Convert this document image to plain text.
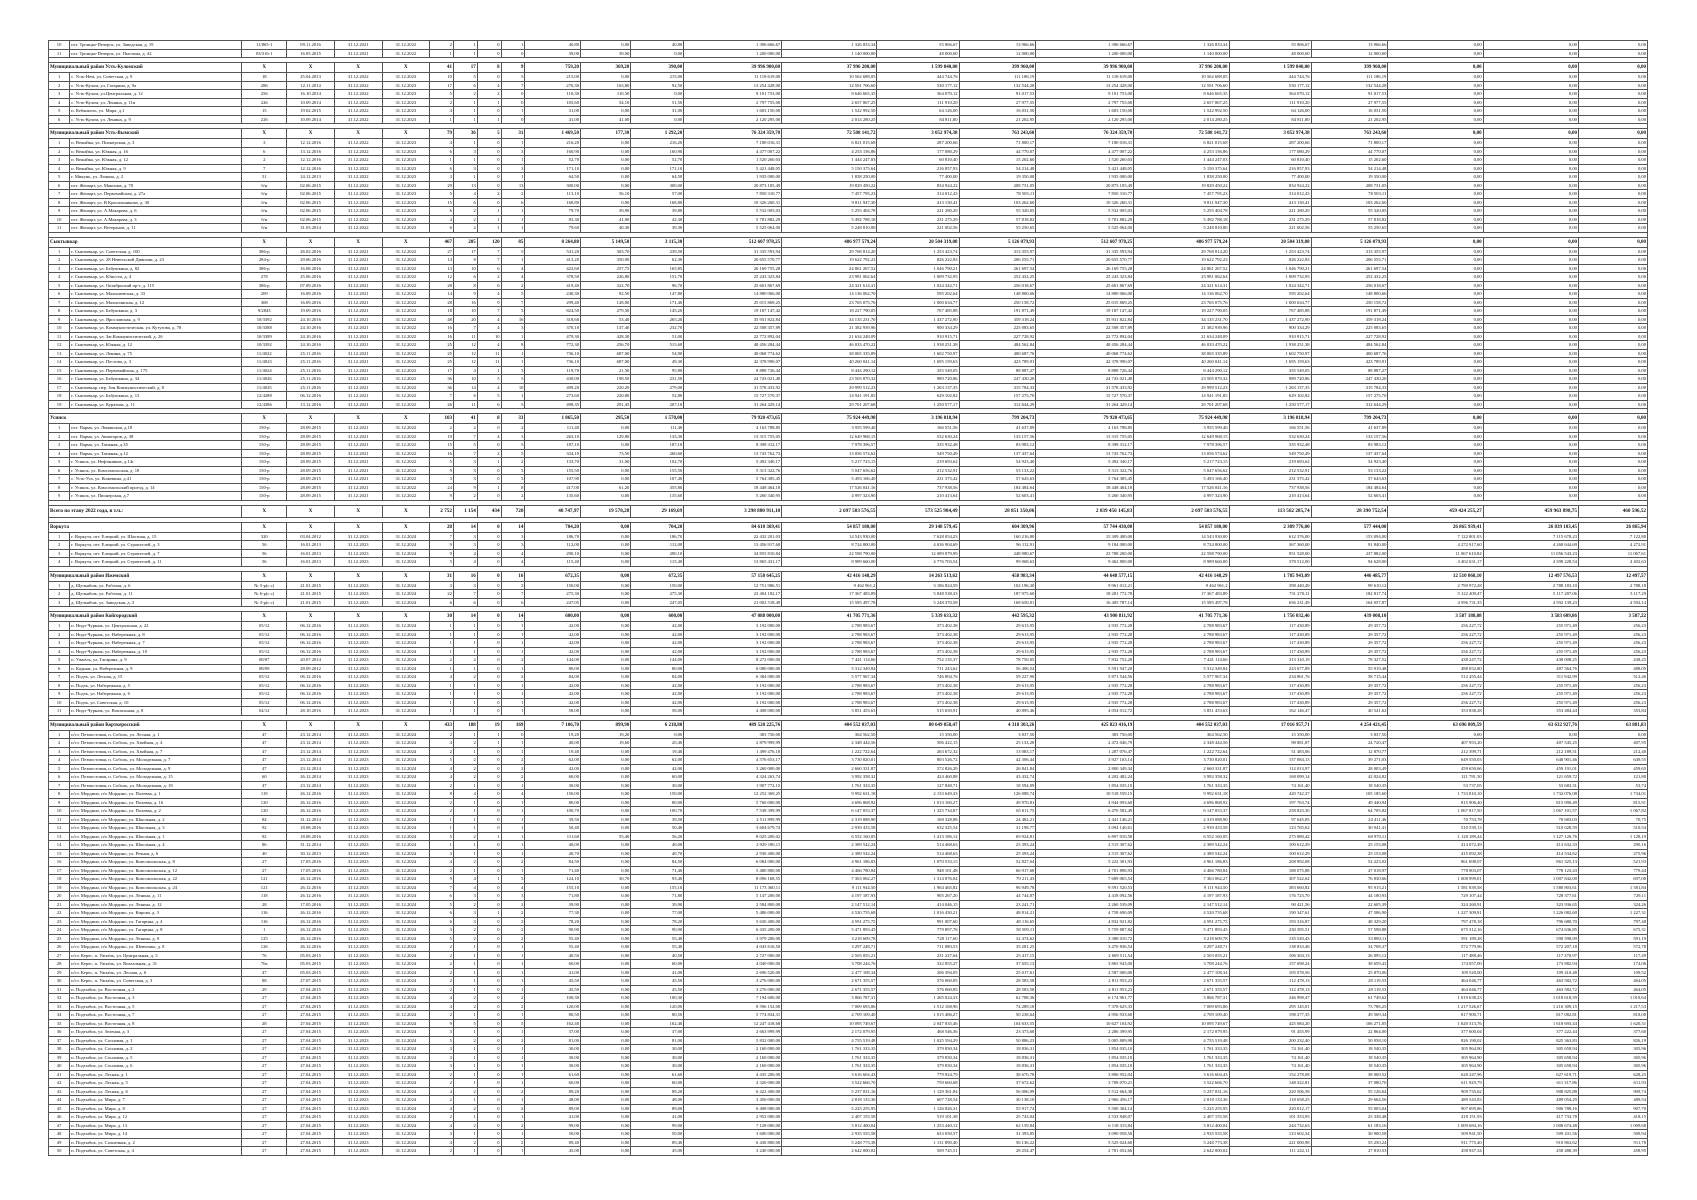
10	пгт. Троицко-Печерск, ул. Заводская, д. 19	11/865-1	09.11.2016	31.12.2021	31.12.2022	2	1	0	1	40,80	0,00	40,80	1 396 666,67	1 326 833,34	55 866,67	13 966,66	1 396 666,67	1 326 833,34	55 866,67	13 966,66	0,00	0,00	0,00
11	пгт. Троицко-Печерск, ул. Пыстина, д. 42	03/316-1	16.05.2015	31.12.2021	31.12.2022	1	1	0	0	39,00	39,00	0,00	1 200 000,00	1 140 000,00	48 000,00	12 000,00	1 200 000,00	1 140 000,00	48 000,00	12 000,00	0,00	0,00	0,00

Муниципальный район Усть-Куломский		X	X	X	X	41	17	8	9	759,20	369,20	390,00	39 996 900,00	37 996 200,00	1 599 840,00	399 960,00	39 996 900,00	37 996 200,00	1 599 840,00	399 960,00	0,00	0,00	0,00
1	с. Усть-Нем, ул. Советская, д. 9	18	25.04.2013	31.12.2022	31.12.2023	10	5	0	5	215,00	0,00	215,00	11 118 619,00	10 562 688,05	444 744,76	111 186,19	11 118 619,00	10 562 688,05	444 744,76	111 186,19	0,00	0,00	0,00
2	с. Усть-Кулом, ул. Гагарина, д. 9а	286	12.11.2014	31.12.2022	31.12.2023	17	6	4	7	276,30	163,80	92,50	13 254 428,00	12 591 706,60	530 177,12	132 544,28	13 254 428,00	12 591 706,60	530 177,12	132 544,28	0,00	0,00	0,00
3	с. Усть-Кулом, ул.Центральная, д. 12	256	16.10.2014	31.12.2022	31.12.2023	5	2	2	0	110,30	110,30	0,00	9 101 753,00	8 646 665,35	364 070,12	91 017,53	9 101 753,00	8 646 665,35	364 070,12	91 017,53	0,00	0,00	0,00
4	с. Усть-Кулом, ул. Ленина, д. 11в	226	10.09.2014	31.12.2022	31.12.2023	2	1	1	0	105,60	54,10	51,50	2 797 755,00	2 657 867,25	111 910,20	27 977,55	2 797 755,00	2 657 867,25	111 910,20	27 977,55	0,00	0,00	0,00
5	п. Кебанъель, ул. Мира, д.1	15	19.02.2015	31.12.2022	31.12.2023	4	1	0	1	31,00	0,00	31,00	1 603 150,00	1 522 992,50	64 126,00	16 031,50	1 603 150,00	1 522 992,50	64 126,00	16 031,50	0,00	0,00	0,00
6	с. Усть-Кулом, ул. Ленина, д. 9	226	10.09.2014	31.12.2022	31.12.2023	1	1	1	0	41,00	41,00	0,00	2 120 295,00	2 014 280,25	84 811,80	21 202,95	2 120 295,00	2 014 280,25	84 811,80	21 202,95	0,00	0,00	0,00

Муниципальный район Усть-Вымский		X	X	X	X	79	36	5	31	1 469,50	177,30	1 292,20	76 324 359,70	72 508 141,72	3 052 974,38	763 243,60	76 324 359,70	72 508 141,72	3 052 974,38	763 243,60	0,00	0,00	0,00
1	п. Вежайка, ул. Пионерская, д. 3	3	12.12.2016	31.12.2022	31.12.2023	4	1	0	1	216,20	0,00	216,20	7 180 016,31	6 821 015,68	287 200,66	71 800,17	7 180 016,31	6 821 015,68	287 200,66	71 800,17	0,00	0,00	0,00
2	п. Вежайка, ул. Южная, д. 16	6	13.12.2016	31.12.2022	31.12.2023	6	3	0	3	160,90	0,00	160,90	4 477 007,22	4 253 156,86	177 080,29	44 770,07	4 477 007,22	4 253 156,86	177 080,29	44 770,07	0,00	0,00	0,00
3	п. Вежайка, ул. Южная, д. 12	2	12.12.2016	31.12.2022	31.12.2023	1	1	0	1	52,70	0,00	52,70	1 520 260,03	1 444 247,03	60 810,40	15 202,60	1 520 260,03	1 444 247,03	60 810,40	15 202,60	0,00	0,00	0,00
4	п. Вежайка, ул. Южная, д. 9	7	12.12.2016	31.12.2022	31.12.2023	6	3	0	3	171,10	0,00	171,10	5 421 448,05	5 150 375,64	216 857,93	54 214,48	5 421 448,05	5 150 375,64	216 857,93	54 214,48	0,00	0,00	0,00
5	г. Микунь, ул. Ленина, д. 2	51	24.12.2013	31.12.2022	31.12.2023	3	1	0	1	64,50	0,00	64,50	1 935 000,00	1 838 250,00	77 400,00	19 350,00	1 935 000,00	1 838 250,00	77 400,00	19 350,00	0,00	0,00	0,00
6	пгт. Жешарт, ул. Максима, д. 78	б/н	02.06.2015	31.12.2022	31.12.2023	29	13	0	13	300,00	0,00	300,00	20 873 105,49	19 829 450,22	834 924,22	208 731,05	20 873 105,49	19 829 450,22	834 924,22	208 731,05	0,00	0,00	0,00
7	пгт. Жешарт, ул. Первомайская, д. 27а	б/н	02.06.2015	31.12.2022	31.12.2023	5	4	2	2	113,10	56,10	57,00	7 850 310,77	7 457 795,23	314 012,43	78 503,11	7 850 310,77	7 457 795,23	314 012,43	78 503,11	0,00	0,00	0,00
8	пгт. Жешарт, ул. В.Красильникова, д. 30	б/н	02.06.2015	31.12.2022	31.12.2023	15	6	0	6	168,80	0,00	168,80	10 326 260,31	9 811 947,30	413 130,41	103 262,60	10 326 260,31	9 811 947,30	413 130,41	103 262,60	0,00	0,00	0,00
9	пгт. Жешарт, ул. А.Макарова, д. 6	б/н	02.06.2015	31.12.2022	31.12.2023	6	2	1	1	79,70	39,90	39,80	5 532 005,03	5 255 404,78	221 280,20	55 320,05	5 532 005,03	5 255 404,78	221 280,20	55 320,05	0,00	0,00	0,00
10	пгт. Жешарт, ул. А.Макарова, д. 3	б/н	02.06.2015	31.12.2022	31.12.2023	4	2	1	1	83,30	41,00	42,30	5 781 882,29	5 492 788,18	231 275,29	57 818,82	5 781 882,29	5 492 788,18	231 275,29	57 818,82	0,00	0,00	0,00
11	пгт. Жешарт, ул. Ветеранов, д. 11	б/н	31.03.2014	31.12.2022	31.12.2023	6	2	1	1	79,60	40,30	39,30	5 525 064,00	5 248 810,80	221 002,56	55 250,65	5 525 064,00	5 248 810,80	221 002,56	55 250,65	0,00	0,00	0,00

Сыктывкар		X	X	X	X	467	205	120	85	8 264,88	5 149,58	3 115,30	512 607 978,25	486 977 579,24	20 504 319,08	5 126 079,93	512 607 978,25	486 977 579,24	20 504 319,08	5 126 079,93	0,00	0,00	0,00
1	г. Сыктывкар, ул. Советская, д. 100	386-р	26.02.2016	31.12.2021	31.12.2022	27	17	7	5	541,20	303,70	239,50	31 335 593,94	29 768 814,20	1 253 423,74	313 355,97	31 335 593,94	29 768 814,20	1 253 423,74	313 355,97	0,00	0,00	0,00
2	г. Сыктывкар, ул. 28 Невельской Дивизии, д. 23	284-р	29.06.2016	31.12.2021	31.12.2022	14	8	7	1	413,20	350,90	62,30	20 655 570,77	19 622 792,23	826 222,83	206 555,71	20 655 570,77	19 622 792,23	826 222,83	206 555,71	0,00	0,00	0,00
3	г. Сыктывкар, ул. Бабушкина, д. 82	386-р	16.08.2016	31.12.2021	31.12.2022	13	10	6	4	423,60	257,75	165,85	26 169 755,28	24 861 267,52	1 046 790,21	261 697,54	26 169 755,28	24 861 267,52	1 046 790,21	261 697,54	0,00	0,00	0,00
4	г. Сыктывкар, ул. Юности, д. 4	278	25.06.2016	31.12.2021	31.12.2022	12	6	2	4	378,50	226,80	151,70	25 243 323,84	23 981 062,64	1 009 732,95	252 432,25	25 243 323,84	23 981 062,64	1 009 732,95	252 432,25	0,00	0,00	0,00
5	г. Сыктывкар, ул. Октябрьский пр-т, д. 115	386-р	07.09.2016	31.12.2021	31.12.2022	28	8	6	2	419,40	322,70	96,70	25 601 867,69	24 321 614,31	1 024 342,71	256 018,67	25 601 867,69	24 321 614,31	1 024 342,71	256 018,67	0,00	0,00	0,00
6	г. Сыктывкар, ул. Малышевская, д. 33	209	16.09.2016	31.12.2021	31.12.2022	14	9	4	5	240,30	92,50	147,80	14 880 066,00	14 136 062,70	595 202,64	148 800,66	14 880 066,00	14 136 062,70	595 202,64	148 800,66	0,00	0,00	0,00
7	г. Сыктывкар, ул. Малыгинская, д. 12	308	16.09.2016	31.12.2021	31.12.2022	28	16	9	7	299,40	128,00	171,40	25 015 869,25	23 765 075,76	1 000 634,77	250 158,72	25 015 869,25	23 765 075,76	1 000 634,77	250 158,72	0,00	0,00	0,00
8	г. Сыктывкар, ул. Бабушкина, д. 3	9/2843	19.09.2016	31.12.2021	31.12.2022	18	10	7	3	824,50	279,30	145,20	19 187 147,42	18 227 790,05	767 485,88	191 871,49	19 187 147,42	18 227 790,05	767 485,88	191 871,49	0,00	0,00	0,00
9	г. Сыктывкар, ул. Ярославская, д. 9	10/3392	24.10.2016	31.12.2021	31.12.2022	48	20	4	16	318,60	53,40	265,20	35 931 822,84	34 135 231,70	1 437 272,90	359 318,24	35 931 822,84	34 135 231,70	1 437 272,90	359 318,24	0,00	0,00	0,00
10	г. Сыктывкар, ул. Коммунистическая, ул. Кутузова, д. 78	10/3388	24.10.2016	31.12.2021	31.12.2022	16	7	4	3	370,10	137,40	232,70	22 508 357,89	21 382 939,96	900 334,29	225 083,65	22 508 357,89	21 382 939,96	900 334,29	225 083,65	0,00	0,00	0,00
11	г. Сыктывкар, ул. Заг.Коммунистический, д. 26	10/3389	24.10.2016	31.12.2021	31.12.2022	16	11	10	1	479,30	428,30	51,00	22 772 892,04	21 634 248,09	910 915,71	227 728,92	22 772 892,04	21 634 248,09	910 915,71	227 728,92	0,00	0,00	0,00
12	г. Сыктывкар, ул. Южная, д. 12	10/3392	24.10.2016	31.12.2021	31.12.2022	25	12	4	8	772,30	256,70	515,60	48 456 284,44	46 033 470,22	1 938 251,38	484 562,84	48 456 284,44	46 033 470,22	1 938 251,38	484 562,84	0,00	0,00	0,00
13	г. Сыктывкар, ул. Ленина, д. 75	11/4022	25.11.2016	31.12.2021	31.12.2022	25	12	11	1	736,10	687,00	54,90	40 068 774,62	38 065 335,89	1 602 750,97	400 687,76	40 068 774,62	38 065 335,89	1 602 750,97	400 687,76	0,00	0,00	0,00
14	г. Сыктывкар, ул. Пестова, д. 3	11/4023	25.11.2016	31.12.2021	31.12.2022	25	12	11	1	736,10	687,00	49,30	42 378 990,07	40 260 041,14	1 695 159,63	423 789,91	42 378 990,07	40 260 041,14	1 695 159,63	423 789,91	0,00	0,00	0,00
15	г. Сыктывкар, ул. Первомайская, д. 175	11/4024	25.11.2016	31.12.2021	31.12.2022	17	4	1	3	119,70	21,30	95,80	8 888 726,44	8 444 290,12	355 549,05	88 887,27	8 888 726,44	8 444 290,12	355 549,05	88 887,27	0,00	0,00	0,00
16	г. Сыктывкар, ул. Бабушкина, д. 34	11/4026	25.11.2016	31.12.2021	31.12.2022	36	10	5	5	430,00	198,50	231,50	24 743 021,40	23 505 870,32	989 720,86	247 430,20	24 743 021,40	23 505 870,32	989 720,86	247 430,20	0,00	0,00	0,00
17	г. Сыктывкар, пер. Зон Коммунистический, д. 8	11/4025	25.11.2016	31.12.2021	31.12.2022	36	14	4	10	499,20	220,20	279,00	31 578 433,92	29 999 512,23	1 263 137,35	315 784,33	31 578 433,92	29 999 512,23	1 263 137,35	315 784,33	0,00	0,00	0,00
18	г. Сыктывкар, ул. Бабушкина, д. 13	12/4288	06.12.2016	31.12.2021	31.12.2022	7	6	5	1	273,60	220,80	52,80	15 727 570,37	14 941 191,85	629 102,82	157 275,70	15 727 570,37	14 941 191,85	629 102,82	157 275,70	0,00	0,00	0,00
19	г. Сыктывкар, ул. Куратова, д. 11	12/4386	13.12.2016	31.12.2021	31.12.2022	26	11	6	5	498,35	291,45	207,10	31 264 429,14	29 701 207,68	1 250 577,17	312 644,29	31 264 429,14	29 701 207,68	1 250 577,17	312 644,29	0,00	0,00	0,00

Усинск		X	X	X	X	103	41	8	33	1 865,50	295,50	1 570,00	79 920 473,65	75 924 449,98	3 196 818,94	799 204,73	79 920 473,65	75 924 449,98	3 196 818,94	799 204,73	0,00	0,00	0,00
1	пгт. Парма, ул. Ленинская, д.18	150-р	28.09.2015	31.12.2021	31.12.2022	2	2	0	2	111,40	0,00	111,40	4 163 788,85	3 955 599,40	166 551,56	41 637,89	4 163 788,85	3 955 599,40	166 551,56	41 637,89	0,00	0,00	0,00
2	пгт. Парма, ул. Авиаторов, д. 38	150-р	28.09.2015	31.12.2021	31.12.2022	19	7	4	3	263,10	129,80	133,30	13 315 755,05	12 649 968,15	532 630,24	133 157,56	13 315 755,05	12 649 968,15	532 630,24	133 157,56	0,00	0,00	0,00
3	пгт. Парма, ул. Таежная, д.35	150-р	28.09.2015	31.12.2021	31.12.2022	15	5	0	5	187,10	0,00	187,10	8 398 312,17	7 978 396,57	335 932,48	83 983,12	8 398 312,17	7 978 396,57	335 932,48	83 983,12	0,00	0,00	0,00
4	пгт. Парма, ул. Таежная, д.12	150-р	28.09.2015	31.12.2021	31.12.2022	16	7	2	5	334,10	73,50	260,60	13 743 762,73	13 056 574,62	549 750,49	137 437,64	13 743 762,73	13 056 574,62	549 750,49	137 437,64	0,00	0,00	0,00
5	г. Усинск, ул. Нефтяников, д.14г	150-р	28.09.2015	31.12.2021	31.12.2022	5	3	1	2	133,70	31,00	102,70	5 492 340,17	5 217 723,15	219 693,62	54 923,40	5 492 340,17	5 217 723,15	219 693,62	54 923,40	0,00	0,00	0,00
6	г. Усинск, ул. Комсомольская, д. 18	150-р	28.09.2015	31.12.2021	31.12.2022	9	3	0	3	155,50	0,00	155,50	5 313 322,76	5 047 656,62	212 532,91	53 133,22	5 313 322,76	5 047 656,62	212 532,91	53 133,22	0,00	0,00	0,00
7	с. Усть-Уса, ул. Кожевина, д.41	150-р	28.09.2015	31.12.2021	31.12.2022	3	3	0	3	107,90	0,00	107,40	5 764 385,45	5 493 166,40	231 375,42	57 643,63	5 764 385,45	5 493 166,40	231 375,42	57 643,63	0,00	0,00	0,00
8	г. Усинск, ул. Комсомольский проезд, д. 14	150-р	28.09.2015	31.12.2021	31.12.2022	24	9	1	8	417,00	61,20	355,80	18 448 464,18	17 526 041,16	737 938,56	184 484,64	18 448 464,18	17 526 041,16	737 938,56	184 484,64	0,00	0,00	0,00
9	г. Усинск, ул. Пионерская, д.7	150-р	28.09.2015	31.12.2021	31.12.2022	9	2	0	2	135,60	0,00	135,60	5 260 340,95	4 997 323,90	210 413,64	52 603,41	5 260 340,95	4 997 323,90	210 413,64	52 603,41	0,00	0,00	0,00

Всего по этапу 2022 года, в т.ч.:		X	X	X	X	2 752	1 154	434	720	48 747,97	19 578,28	29 169,69	3 298 880 911,10	2 697 503 576,55	573 525 984,49	28 851 350,06	2 839 456 145,83	2 697 503 576,55	113 562 285,74	28 390 752,54	459 424 255,27	459 963 898,75	460 596,52

Воркута		X	X	X	X	28	14	0	14	704,20	0,00	704,20	84 610 369,41	54 857 180,00	29 148 579,45	604 309,96	57 744 430,00	54 857 180,00	2 309 776,00	577 444,00	26 865 939,41	26 839 103,45	26 865,94
1	г. Воркута, пгт. Елецкий, ул. Шахтная, д. 15	320	03.04.2012	31.12.2023	31.12.2024	7	3	0	3	186,70	0,00	186,70	22 432 201,03	14 543 930,00	7 628 054,23	160 216,80	15 309 400,00	14 543 930,00	612 376,00	153 094,00	7 122 801,03	7 115 678,23	7 122,80
2	г. Воркута, пгт. Елецкий, ул. Строителей, д. 3	56	16.01.2013	31.12.2023	31.12.2024	9	3	0	3	112,00	0,00	112,00	13 456 917,60	8 724 800,00	4 636 904,69	96 112,91	9 184 000,00	8 724 800,00	367 360,00	91 840,00	4 272 917,60	4 268 644,69	4 272,91
3	г. Воркута, пгт. Елецкий, ул. Строителей, д. 7	56	16.01.2013	31.12.2023	31.12.2024	9	4	0	4	290,10	0,00	290,10	34 855 810,84	22 598 790,00	12 089 079,99	248 980,67	23 788 200,00	22 598 790,00	951 528,00	237 882,00	11 067 610,84	11 056 543,23	11 067,61
4	г. Воркута, пгт. Елецкий, ул. Строителей, д. 11	56	16.01.2013	31.12.2023	31.12.2024	5	4	0	4	115,40	0,00	115,40	13 865 431,17	8 989 660,00	4 776 703,54	99 068,63	9 462 800,00	8 989 660,00	378 512,00	94 628,00	4 402 631,17	4 398 228,54	4 402,63

Муниципальный район Ижемский		X	X	X	X	31	16	0	16	672,35	0,00	672,35	57 158 645,25	42 416 148,29	14 263 513,62	458 983,34	44 648 577,15	42 416 148,29	1 785 943,09	446 485,77	12 510 068,10	12 497 576,53	12 497,57
1	д. Щельябож, ул. Рабочая, д. 6	№ 5-р(с.с)	21.01.2015	31.12.2023	31.12.2024	3	3	0	3	150,00	0,00	150,00	12 751 986,51	9 462 961,2	3 186 824,59	102 196,30	9 961 012,21	9 462 961,2	398 440,49	99 610,12	2 790 972,28	2 788 183,10	2 788,18
2	д. Щельябож, ул. Рабочая, д. 11	№ 6-р(с.с)	21.01.2015	31.12.2023	31.12.2024	22	7	0	7	275,30	0,00	275,30	23 404 182,17	17 367 483,89	5 848 538,33	187 975,60	18 281 772,78	17 367 483,89	731 270,11	182 817,74	5 122 409,47	5 117 287,06	5 117,29
3	д. Щельябож, ул. Заводская, д. 3	№ 3-р(с.с)	21.01.2015	31.12.2023	31.12.2024	6	6	0	6	247,05	0,00	247,05	21 002 518,49	15 585 497,78	5 248 370,58	168 650,01	16 405 787,14	15 585 497,78	656 231,49	164 057,87	4 596 731,35	4 592 139,23	4 592,14

Муниципальный район Койгородский		X	X	X	X	30	14	0	14	600,00	0,00	600,00	47 088 000,00	41 705 771,36	5 339 633,32	442 595,32	43 900 811,92	41 705 771,36	1 756 032,46	439 008,10	3 587 188,08	3 583 609,86	3 587,22
1	п. Нидз-Чурнаж, ул. Центральная, д. 22	05/12	06.12.2016	31.12.2023	31.12.2024	1	1	0	1	42,00	0,00	42,00	3 192 000,00	2 788 983,67	373 402,38	29 613,95	2 935 772,28	2 788 983,67	117 430,89	29 357,72	256 227,72	255 971,49	256,23
2	п. Нидз-Чурнаж, ул. Набережная, д. 8	05/12	06.12.2016	31.12.2023	31.12.2024	1	1	0	1	42,00	0,00	42,00	3 192 000,00	2 788 983,67	373 402,38	29 613,95	2 935 772,28	2 788 983,67	117 430,89	29 357,72	256 227,72	255 971,49	256,23
3	п. Нидз-Чурнаж, ул. Набережная, д. 7	05/12	06.12.2016	31.12.2023	31.12.2024	1	1	0	1	42,00	0,00	42,00	3 192 000,00	2 788 983,67	373 402,38	29 613,95	2 935 772,28	2 788 983,67	117 430,89	29 357,72	256 227,72	255 971,49	256,23
4	п. Нидз-Чурнаж, ул. Набережная, д. 10	05/12	06.12.2016	31.12.2023	31.12.2024	1	1	0	1	42,00	0,00	42,00	3 192 000,00	2 788 983,67	373 402,38	29 613,95	2 935 772,28	2 788 983,67	117 430,89	29 357,72	256 227,72	255 971,49	256,23
5	п. Ужъёль, ул. Гагарина, д. 9	08/07	20.07.2014	31.12.2023	31.12.2024	2	2	0	2	144,00	0,00	144,00	8 272 000,00	7 441 114,66	752 135,37	78 750,05	7 832 752,28	7 441 114,66	313 310,19	78 327,52	438 247,72	438 008,25	438,25
6	п. Кадьям, ул. Набережная, д. 9	08/09	28.09.2012	31.12.2023	31.12.2024	1	1	0	1	80,00	0,00	80,00	6 080 000,00	5 312 349,84	711 243,62	56 406,54	5 591 947,20	5 312 349,84	223 677,89	55 919,48	488 052,80	487 564,76	488,05
7	п. Подзъ, ул. Лесная, д. 15	05/12	06.12.2016	31.12.2023	31.12.2024	4	2	0	2	84,00	0,00	84,00	6 384 000,00	5 577 967,34	746 804,76	59 227,90	5 871 544,56	5 577 967,34	234 861,76	58 715,44	512 455,44	511 942,99	512,46
8	п. Подзъ, ул. Набережная, д. 5	05/12	06.12.2016	31.12.2023	31.12.2024	1	1	0	1	42,00	0,00	42,00	3 192 000,00	2 788 983,67	373 402,38	29 613,95	2 935 772,28	2 788 983,67	117 430,89	29 357,72	256 227,72	255 971,49	256,23
9	п. Подзъ, ул. Набережная, д. 6	05/12	06.12.2016	31.12.2023	31.12.2024	1	1	0	1	42,00	0,00	42,00	3 192 000,00	2 788 983,67	373 402,38	29 613,95	2 935 772,28	2 788 983,67	117 430,89	29 357,72	256 227,72	255 971,49	256,23
10	п. Подзъ, ул. Советская, д. 10	05/12	06.12.2016	31.12.2023	31.12.2024	1	1	0	1	42,00	0,00	42,00	3 192 000,00	2 788 983,67	373 402,38	29 613,95	2 935 772,28	2 788 983,67	117 430,89	29 357,72	256 227,72	255 971,49	256,23
11	п. Нидз-Чурнаж, ул. Вокзальная, д. 8	04/12	28.10.2016	31.12.2023	31.12.2024	1	1	0	1	58,00	0,00	58,00	4 408 000,00	3 851 453,63	515 650,91	40 895,46	4 054 012,72	3 851 453,63	162 146,47	40 541,62	353 838,28	353 484,44	353,84

Муниципальный район Корткеросский		X	X	X	X	433	188	19	169	7 106,70	899,90	6 218,80	489 520 225,76	404 552 037,03	80 649 858,47	4 318 303,26	425 823 416,19	404 552 037,03	17 016 957,71	4 254 421,45	63 696 809,59	63 632 927,76	63 881,83
1	п/ст. Пезмостовая, п. Соболь, ул. Лесная, д. 1	47	23.12.2014	31.12.2023	31.12.2024	2	1	1	0	19,20	19,20	0,00	383 750,00	364 562,50	15 350,00	3 837,50	383 750,00	364 562,50	15 350,00	3 837,50	0,00	0,00	0,00
2	п/ст. Пезмостовая, п. Соболь, ул. Хвойная, д. 4	47	23.12.2014	31.12.2023	31.12.2024	4	2	1	1	40,00	19,60	20,40	2 879 999,99	2 348 444,56	506 422,15	25 133,28	2 472 046,79	2 348 444,56	98 881,87	24 720,47	407 953,20	407 545,25	407,95
3	п/ст. Пезмостовая, п. Соболь, ул. Хвойная, д. 7	47	23.12.2014	31.12.2023	31.12.2024	2	1	0	1	19,40	0,00	19,40	1 499 476,18	1 222 722,64	263 672,32	13 083,17	1 287 076,47	1 222 722,64	51 483,06	12 870,77	212 399,71	212 189,51	212,40
4	п/ст. Пезмостовая, п. Соболь, ул. Молодежная, д. 7	47	23.12.2014	31.12.2023	31.12.2024	5	2	0	2	62,00	0,00	62,00	4 576 653,17	3 730 820,01	803 526,72	42 306,44	3 927 103,14	3 730 820,01	157 084,13	39 271,03	649 550,03	648 901,46	649,55
5	п/ст. Пезмостовая, п. Соболь, ул. Молодежная, д. 9	47	23.12.2014	31.12.2023	31.12.2024	4	2	0	2	42,00	0,00	42,00	3 260 000,00	2 660 331,87	572 826,29	26 841,84	2 800 349,34	2 660 331,87	112 013,97	28 003,49	459 650,66	459 191,01	459,65
6	п/ст. Пезмостовая, п. Соболь, ул. Молодежная, д. 15	60	26.12.2014	31.12.2023	31.12.2024	4	2	0	2	60,00	0,00	60,00	4 324 263,74	3 992 358,32	424 460,88	43 432,74	4 202 482,24	3 992 358,32	168 099,14	42 024,82	121 781,50	121 659,72	121,80
7	п/ст. Пезмостовая, п. Соболь, ул. Молодежная, д. 18	47	23.12.2014	31.12.2023	31.12.2024	2	1	0	1	30,00	0,00	30,00	1 907 772,15	1 761 333,35	127 848,71	18 594,09	1 854 035,10	1 761 333,35	74 161,40	18 540,35	53 737,05	53 683,31	53,74
8	п/ст. Мордино, п/о Мордино, ул. Полевая, д. 1	119	26.12.2016	31.12.2023	31.12.2024	8	4	0	4	150,00	0,00	150,00	12 252 369,25	9 992 631,18	2 133 649,33	126 088,74	10 518 559,15	9 992 631,18	420 742,37	105 185,60	1 733 810,10	1 732 076,08	1 734,01
9	п/ст. Мордино, п/о Мордино, ул. Полевая, д. 16	120	26.12.2016	31.12.2023	31.12.2024	2	1	0	1	80,00	0,00	80,00	5 760 000,00	4 696 868,92	1 013 160,27	49 970,81	4 944 093,60	4 696 868,92	197 763,74	49 440,94	815 906,40	815 090,49	815,91
10	п/ст. Мордино, п/о Мордино, ул. Полевая, д. 2	120	26.12.2016	31.12.2023	31.12.2024	2	1	0	1	100,70	0,00	100,70	7 538 399,99	6 147 053,37	1 325 734,87	65 611,75	6 470 582,49	6 147 053,37	258 823,30	64 705,82	1 067 817,50	1 067 101,57	1 067,82
11	п/ст. Мордино, п/о Мордино, ул. Школьная, д. 2	84	31.12.2014	31.12.2023	31.12.2024	1	1	0	1	39,50	0,00	39,50	2 511 899,99	2 319 088,90	168 328,88	24 482,21	2 441 146,21	2 319 088,90	97 645,85	24 411,46	70 753,78	70 683,03	70,75
12	п/ст. Мордино, п/о Мордино, ул. Школьная, д. 3	92	18.08.2016	31.12.2023	31.12.2024	1	1	0	1	50,40	0,00	50,40	3 604 679,74	2 939 433,58	632 325,54	31 198,77	3 094 140,61	2 939 433,58	123 765,62	30 941,41	510 539,13	510 028,59	510,54
13	п/ст. Мордино, п/о Мордино, ул. Школьная, д. 1	92	18.08.2016	31.12.2023	31.12.2024	5	2	1	1	111,60	55,40	56,20	8 025 200,02	6 552 160,05	1 413 186,12	69 924,81	6 897 010,58	6 552 160,05	275 880,42	68 970,11	1 128 189,44	1 127 126,76	1 128,19
14	п/ст. Мордино, п/о Мордино, ул. Школьная, д. 4	86	31.12.2014	31.12.2023	31.12.2024	1	1	0	1	40,00	0,00	40,00	2 929 180,11	2 389 542,24	514 468,63	25 393,24	2 515 307,62	2 389 542,24	100 612,29	25 153,08	414 072,49	413 632,33	290,16
15	п/ст. Мордино, п/о Мордино, ул. Речная, д. 6	40	30.12.2013	31.12.2023	31.12.2024	3	1	0	1	40,70	0,00	40,70	2 930 400,00	2 389 542,24	514 468,63	25 393,24	2 515 307,62	2 389 542,24	100 612,29	25 153,08	415 092,38	414 534,62	275,96
16	п/ст. Мордино, п/о Мордино, ул. Комсомольская, д. 8	27	17.05.2016	31.12.2023	31.12.2024	4	2	0	2	84,50	0,00	84,50	6 084 000,00	4 961 186,83	1 070 533,15	52 827,64	5 222 301,93	4 961 186,83	208 892,08	52 223,02	861 698,07	861 325,13	521,93
17	п/ст. Мордино, п/о Мордино, ул. Комсомольская, д. 12	27	17.05.2016	31.12.2023	31.12.2024	2	1	0	1	71,40	0,00	71,40	5 480 800,00	4 466 780,84	948 101,48	66 917,68	4 701 896,93	4 466 780,84	188 075,88	47 018,97	778 903,07	778 123,43	779,44
18	п/ст. Мордино, п/о Мордино, ул. Комсомольская, д. 22	121	26.12.2016	31.12.2023	31.12.2024	9	4	1	3	124,10	30,70	93,40	8 096 168,55	7 363 062,27	1 314 876,04	79 211,43	7 689 065,54	7 363 062,27	307 522,62	76 830,66	1 008 999,01	1 007 842,00	697,00
19	п/ст. Мордино, п/о Мордино, ул. Комсомольская, д. 24	121	26.12.2016	31.12.2023	31.12.2024	7	4	0	4	155,10	0,00	155,10	11 173 360,11	9 111 944,50	1 964 465,82	96 949,78	9 591 520,53	9 111 944,50	383 660,82	95 915,21	1 581 839,58	1 580 803,61	1 581,84
20	п/ст. Мордино, п/о Мордино, ул. Ленина, д. 11	118	26.12.2016	31.12.2023	31.12.2024	6	3	0	3	71,80	0,00	71,80	5 147 200,00	4 197 187,93	905 267,20	44 744,87	4 418 092,56	4 197 187,93	176 723,70	44 180,93	729 107,44	728 377,61	729,11
21	п/ст. Мордино, п/о Мордино, ул. Ленина, д. 12	28	17.05.2016	31.12.2023	31.12.2024	5	2	0	2	39,90	0,00	39,90	2 584 800,00	2 147 512,14	414 046,15	23 241,71	2 260 539,09	2 147 512,14	90 421,56	22 605,39	324 260,91	323 936,65	324,26
22	п/ст. Мордино, п/о Мордино, ул. Кирова, д. 3	116	26.12.2016	31.12.2023	31.12.2024	6	3	1	2	77,30	0,00	77,00	5 486 000,00	4 520 755,68	1 016 430,21	48 814,21	4 758 690,09	4 520 755,68	190 347,61	47 586,90	1 227 309,91	1 226 082,60	1 227,31
23	п/ст. Мордино, п/о Мордино, ул. Гагарина, д. 4	116	26.12.2016	31.12.2023	31.12.2024	6	3	0	3	78,20	0,00	78,20	5 630 400,00	4 591 275,75	991 007,60	48 116,65	4 832 921,82	4 591 275,75	193 316,87	48 329,20	797 478,18	796 680,70	797,48
24	п/ст. Мордино, п/о Мордино, ул. Гагарина, д. 8	1	26.12.2016	31.12.2023	31.12.2024	3	2	0	2	90,90	0,00	90,90	6 435 200,00	5 471 893,45	779 897,76	58 509,11	5 759 887,84	5 471 893,45	230 395,51	57 598,88	675 312,16	674 636,85	675,31
25	п/ст. Мордино, п/о Мордино, ул. Ленина, д. 8	125	26.12.2016	31.12.2023	31.12.2024	5	2	0	2	55,40	0,00	55,40	3 979 200,00	3 218 609,78	728 117,60	32 474,62	3 388 010,72	3 218 609,78	135 520,43	33 880,11	591 189,28	590 598,09	591,19
26	п/ст. Мордино, п/о Мордино, ул. Шевченко, д. 8	126	26.12.2016	31.12.2023	31.12.2024	2	1	0	1	55,40	0,00	55,40	4 043 616,50	3 297 248,71	711 080,53	35 281,25	3 470 836,54	3 297 248,71	138 833,46	34 708,37	572 779,96	572 207,18	572,78
27	п/ст. Керес, п. Ужъёль, ул. Центральная, д. 3	76	05.03.2015	31.12.2023	31.12.2024	2	1	0	1	40,50	0,00	40,50	2 727 000,00	2 503 055,21	231 227,64	25 417,15	2 609 511,54	2 503 055,21	106 304,13	26 095,12	117 488,46	117 370,97	117,49
28	п/ст. Керес, п. Ужъёль, ул. Вокзальная, д. 31	76a	05.03.2015	31.12.2023	31.12.2024	2	1	0	1	60,00	0,00	60,00	4 040 000,00	3 708 244,76	332 855,27	37 655,13	3 865 943,00	3 708 244,76	157 698,24	38 659,43	174 057,00	173 882,94	174,06
29	п/ст. Керес, п. Ужъёль, ул. Лесная, д. 6	47	05.03.2015	31.12.2023	31.12.2024	2	1	0	1	41,00	0,00	41,00	2 696 520,00	2 477 108,34	206 394,05	25 017,61	2 587 000,00	2 477 108,34	105 078,56	25 870,00	109 520,00	109 410,48	109,52
30	п/ст. Керес, п. Ужъёль, ул. Советская, д. 3	88	27.07.2015	31.12.2023	31.12.2024	2	1	0	1	45,50	0,00	45,50	3 276 000,00	2 671 355,57	576 060,85	28 583,58	2 811 953,23	2 671 355,57	112 478,13	28 119,53	464 046,77	463 582,72	464,05
31	п. Подтыбок, ул. Восточная, д. 2	29	27.04.2015	31.12.2023	31.12.2024	2	1	0	1	45,50	0,00	45,50	3 276 000,00	2 671 355,57	576 060,85	28 583,58	2 811 953,23	2 671 355,57	112 478,13	28 119,53	464 046,77	463 582,72	464,05
32	п. Подтыбок, ул. Восточная, д. 3	27	27.04.2015	31.12.2023	31.12.2024	4	2	0	2	100,30	0,00	100,30	7 194 600,00	5 866 787,31	1 265 024,33	62 788,36	6 174 961,77	5 866 787,31	246 998,47	61 749,62	1 019 638,23	1 018 618,59	1 019,64
33	п. Подтыбок, ул. Восточная, д. 5	27	27.04.2015	31.12.2023	31.12.2024	4	2	0	2	120,00	0,00	120,00	8 596 152,00	7 009 693,86	1 512 168,96	74 289,18	7 378 625,33	7 009 693,86	295 145,01	73 786,25	1 217 526,67	1 216 309,15	1 217,53
34	п. Подтыбок, ул. Восточная, д. 7	27	27.04.2015	31.12.2023	31.12.2024	2	1	0	1	80,50	0,00	80,50	5 774 834,31	4 709 109,40	1 015 486,27	50 238,64	4 956 933,60	4 709 109,40	198 277,35	49 569,34	817 900,71	817 082,81	818,00
35	п. Подтыбок, ул. Восточная, д. 8	28	27.04.2015	31.12.2023	31.12.2024	9	5	0	5	162,40	0,00	162,40	12 247 418,68	10 095 749,67	2 047 035,46	104 633,55	10 627 104,92	10 095 749,67	425 084,20	106 271,05	1 620 313,76	1 618 693,44	1 620,31
36	п. Подтыбок, ул. Зеленая, д. 3	27	27.04.2015	31.12.2023	31.12.2024	3	1	0	1	37,00	0,00	37,00	2 663 999,99	2 172 079,95	468 546,36	23 373,68	2 286 399,95	2 172 079,95	91 455,99	22 864,00	377 600,04	377 222,44	377,60
37	п. Подтыбок, ул. Сосновая, д. 1	27	27.04.2015	31.12.2023	31.12.2024	5	2	0	2	81,00	0,00	81,00	5 832 000,00	4 755 519,48	1 025 594,29	50 886,23	5 005 809,98	4 755 519,48	200 232,40	50 058,10	826 190,02	825 363,83	826,19
38	п. Подтыбок, ул. Сосновая, д. 2	27	27.04.2015	31.12.2023	31.12.2024	3	1	0	1	30,00	0,00	30,00	2 160 000,00	1 761 333,35	379 830,34	18 836,31	1 854 035,10	1 761 333,35	74 161,40	18 540,35	305 964,90	305 658,94	305,96
39	п. Подтыбок, ул. Сосновая, д. 5	27	27.04.2015	31.12.2023	31.12.2024	3	1	0	1	30,00	0,00	30,00	2 160 000,00	1 761 333,35	379 830,34	18 836,31	1 854 035,10	1 761 333,35	74 161,40	18 540,35	305 964,90	305 658,94	305,96
40	п. Подтыбок, ул. Сосновая, д. 6	27	27.04.2015	31.12.2023	31.12.2024	3	1	0	1	30,00	0,00	30,00	2 160 000,00	1 761 333,35	379 830,34	18 836,31	1 854 035,10	1 761 333,35	74 161,40	18 540,35	305 964,90	305 658,94	305,96
41	п. Подтыбок, ул. Лесная, д. 1	27	27.04.2015	31.12.2023	31.12.2024	2	1	0	1	61,60	0,00	61,60	4 435 200,00	3 616 604,43	779 924,79	38 670,78	3 806 952,04	3 616 604,43	152 278,08	38 069,52	628 247,96	627 619,71	628,25
42	п. Подтыбок, ул. Лесная, д. 5	27	27.04.2015	31.12.2023	31.12.2024	2	1	0	1	60,00	0,00	60,00	4 320 000,00	3 522 666,70	759 660,68	37 672,62	3 708 070,21	3 522 666,70	148 322,81	37 080,70	611 929,79	611 317,86	611,93
43	п. Подтыбок, ул. Лесная, д. 6	27	27.04.2015	31.12.2023	31.12.2024	4	2	0	2	89,20	0,00	89,20	6 422 400,00	5 237 031,16	1 129 361,84	56 006,99	5 512 664,38	5 237 031,16	220 506,58	55 126,64	909 735,62	908 825,88	909,74
44	п. Подтыбок, ул. Мира, д. 7	27	27.04.2015	31.12.2023	31.12.2024	2	1	0	1	48,00	0,00	48,00	3 456 000,00	2 818 133,36	607 728,54	30 138,10	2 966 456,17	2 818 133,36	118 658,25	29 664,56	489 543,83	489 054,29	489,54
45	п. Подтыбок, ул. Мира, д. 8	27	27.04.2015	31.12.2023	31.12.2024	4	2	0	2	89,00	0,00	89,00	6 408 000,00	5 225 255,95	1 126 826,31	55 917,74	5 500 304,14	5 225 255,95	220 012,17	55 003,04	907 695,86	906 788,16	907,70
46	п. Подтыбок, ул. Мира, д. 12	27	27.04.2015	31.12.2023	31.12.2024	2	1	0	1	41,00	0,00	41,00	2 952 000,00	2 407 155,58	519 101,38	25 743,04	2 533 848,07	2 407 155,58	101 353,95	25 338,48	418 151,93	417 733,78	418,15
47	п. Подтыбок, ул. Мира, д. 13	27	27.04.2015	31.12.2023	31.12.2024	4	2	0	2	99,00	0,00	99,00	7 128 000,00	5 812 400,04	1 253 440,12	62 159,84	6 118 315,84	5 812 400,04	244 732,63	61 183,16	1 009 684,16	1 008 674,48	1 009,68
48	п. Подтыбок, ул. Мира, д. 14	27	27.04.2015	31.12.2023	31.12.2024	3	1	0	1	50,00	0,00	50,00	3 600 000,00	2 935 555,58	633 050,57	31 393,85	3 090 058,50	2 935 555,58	123 602,34	30 900,58	509 941,50	509 431,56	509,94
49	п. Подтыбок, ул. Солнечная, д. 2	27	27.04.2015	31.12.2023	31.12.2024	4	2	0	2	89,40	0,00	89,40	6 436 800,00	5 248 773,38	1 131 890,40	56 136,22	5 525 024,60	5 248 773,38	221 000,98	55 250,24	911 775,40	910 863,62	911,78
50	п. Подтыбок, ул. Советская, д. 4	27	27.04.2015	31.12.2023	31.12.2024	2	1	0	1	45,00	0,00	45,00	3 240 000,00	2 642 000,02	569 745,51	28 254,47	2 781 052,66	2 642 000,02	111 242,11	27 810,53	458 947,34	458 488,39	458,95
